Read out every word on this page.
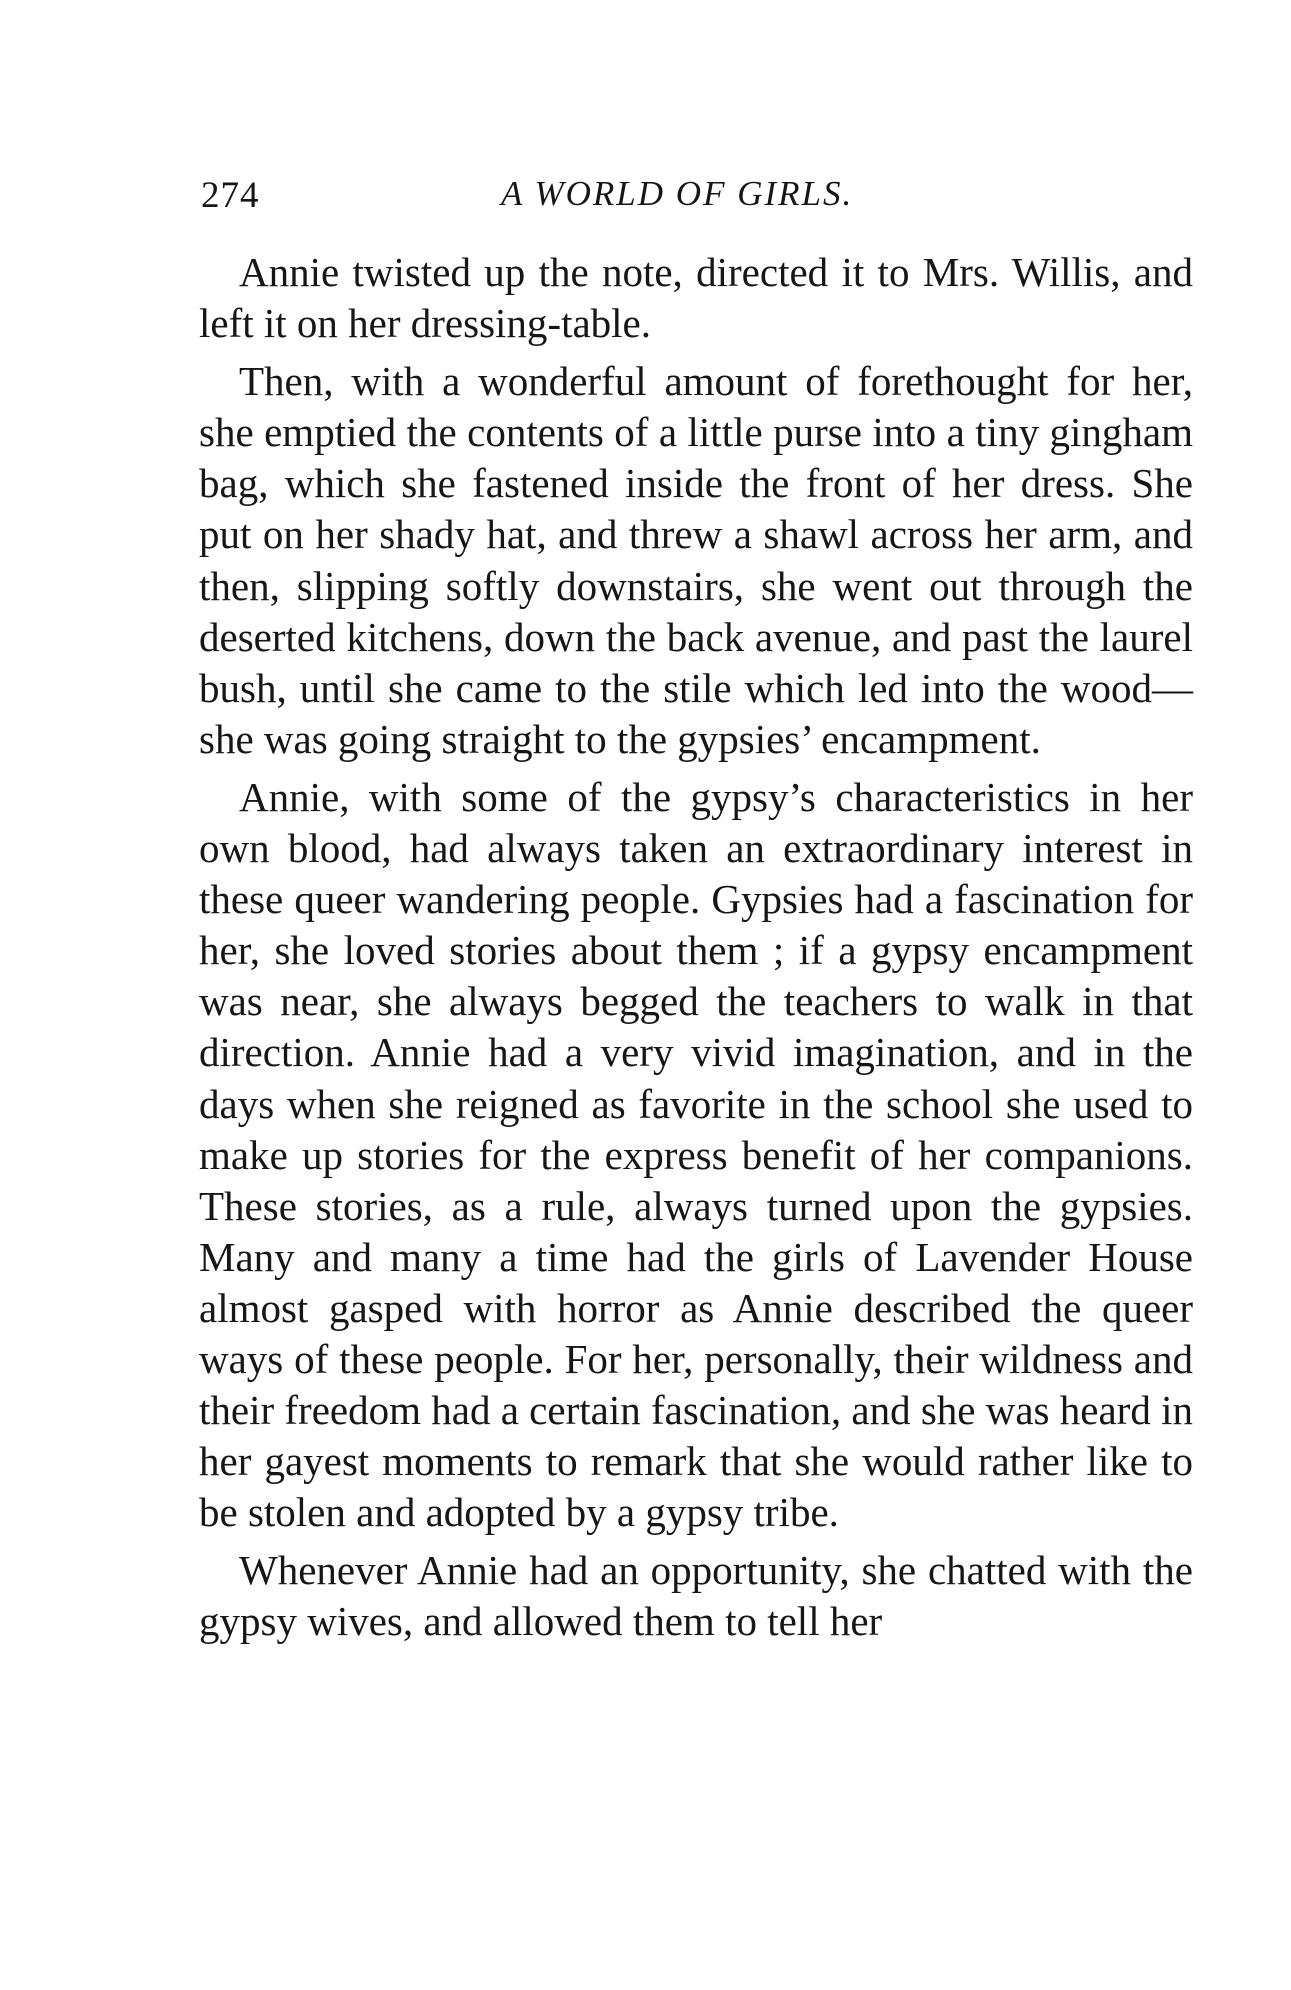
274	A WORLD OF GIRLS.

Annie twisted up the note, directed it to Mrs. Willis, and left it on her dressing-table.

Then, with a wonderful amount of forethought for her, she emptied the contents of a little purse into a tiny gingham bag, which she fastened inside the front of her dress. She put on her shady hat, and threw a shawl across her arm, and then, slipping softly downstairs, she went out through the deserted kitchens, down the back avenue, and past the laurel bush, until she came to the stile which led into the wood—she was going straight to the gypsies’ encampment.

Annie, with some of the gypsy’s characteristics in her own blood, had always taken an extraordinary interest in these queer wandering people. Gypsies had a fascination for her, she loved stories about them ; if a gypsy encampment was near, she always begged the teachers to walk in that direction. Annie had a very vivid imagination, and in the days when she reigned as favorite in the school she used to make up stories for the express benefit of her companions. These stories, as a rule, always turned upon the gypsies. Many and many a time had the girls of Lavender House almost gasped with horror as Annie described the queer ways of these people. For her, personally, their wildness and their freedom had a certain fascination, and she was heard in her gayest moments to remark that she would rather like to be stolen and adopted by a gypsy tribe.

Whenever Annie had an opportunity, she chatted with the gypsy wives, and allowed them to tell her
